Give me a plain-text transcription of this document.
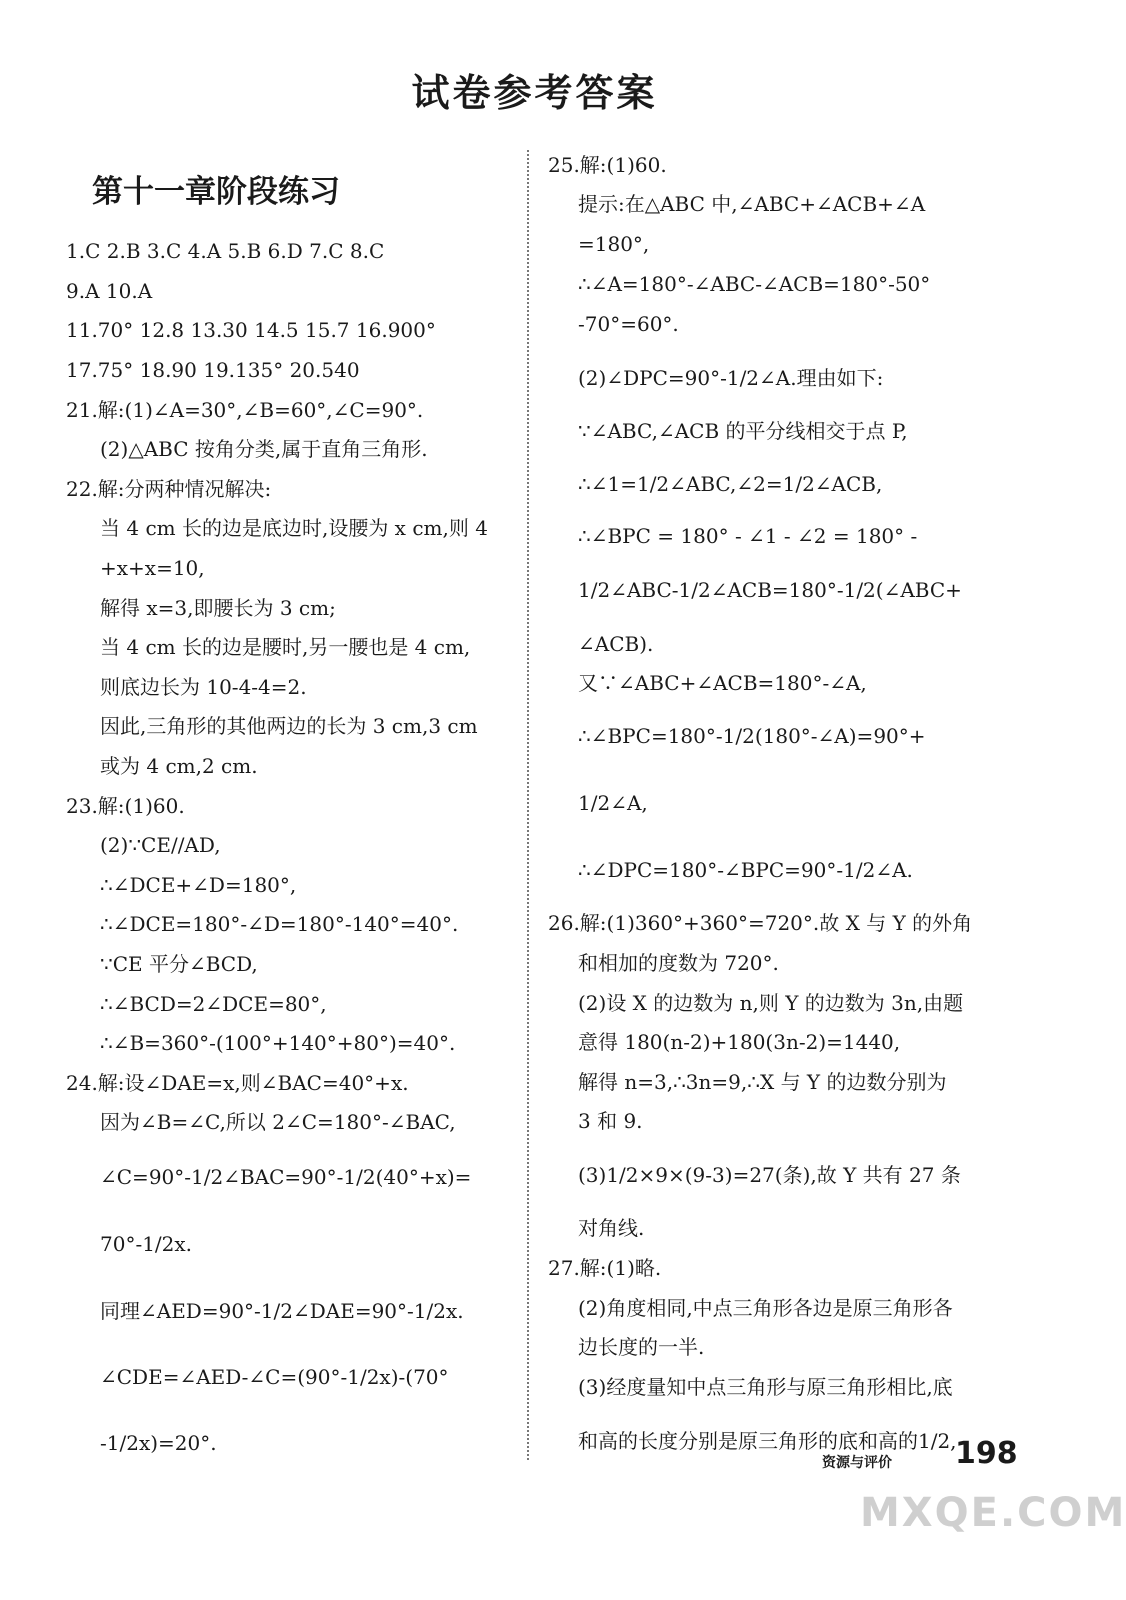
试卷参考答案
第十一章阶段练习
1.C 2.B 3.C 4.A 5.B 6.D 7.C 8.C
9.A 10.A
11.70° 12.8 13.30 14.5 15.7 16.900°
17.75° 18.90 19.135° 20.540
21.解:(1)∠A=30°,∠B=60°,∠C=90°.
(2)△ABC 按角分类,属于直角三角形.
22.解:分两种情况解决:
当 4 cm 长的边是底边时,设腰为 x cm,则 4
+x+x=10,
解得 x=3,即腰长为 3 cm;
当 4 cm 长的边是腰时,另一腰也是 4 cm,
则底边长为 10-4-4=2.
因此,三角形的其他两边的长为 3 cm,3 cm
或为 4 cm,2 cm.
23.解:(1)60.
(2)∵CE//AD,
∴∠DCE+∠D=180°,
∴∠DCE=180°-∠D=180°-140°=40°.
∵CE 平分∠BCD,
∴∠BCD=2∠DCE=80°,
∴∠B=360°-(100°+140°+80°)=40°.
24.解:设∠DAE=x,则∠BAC=40°+x.
因为∠B=∠C,所以 2∠C=180°-∠BAC,
∠C=90°-1/2∠BAC=90°-1/2(40°+x)=
70°-1/2x.
同理∠AED=90°-1/2∠DAE=90°-1/2x.
∠CDE=∠AED-∠C=(90°-1/2x)-(70°
-1/2x)=20°.
25.解:(1)60.
提示:在△ABC 中,∠ABC+∠ACB+∠A
=180°,
∴∠A=180°-∠ABC-∠ACB=180°-50°
-70°=60°.
(2)∠DPC=90°-1/2∠A.理由如下:
∵∠ABC,∠ACB 的平分线相交于点 P,
∴∠1=1/2∠ABC,∠2=1/2∠ACB,
∴∠BPC = 180° - ∠1 - ∠2 = 180° -
1/2∠ABC-1/2∠ACB=180°-1/2(∠ABC+
∠ACB).
又∵∠ABC+∠ACB=180°-∠A,
∴∠BPC=180°-1/2(180°-∠A)=90°+
1/2∠A,
∴∠DPC=180°-∠BPC=90°-1/2∠A.
26.解:(1)360°+360°=720°.故 X 与 Y 的外角
和相加的度数为 720°.
(2)设 X 的边数为 n,则 Y 的边数为 3n,由题
意得 180(n-2)+180(3n-2)=1440,
解得 n=3,∴3n=9,∴X 与 Y 的边数分别为
3 和 9.
(3)1/2×9×(9-3)=27(条),故 Y 共有 27 条
对角线.
27.解:(1)略.
(2)角度相同,中点三角形各边是原三角形各
边长度的一半.
(3)经度量知中点三角形与原三角形相比,底
和高的长度分别是原三角形的底和高的1/2,
资源与评价 198
MXQE.COM
